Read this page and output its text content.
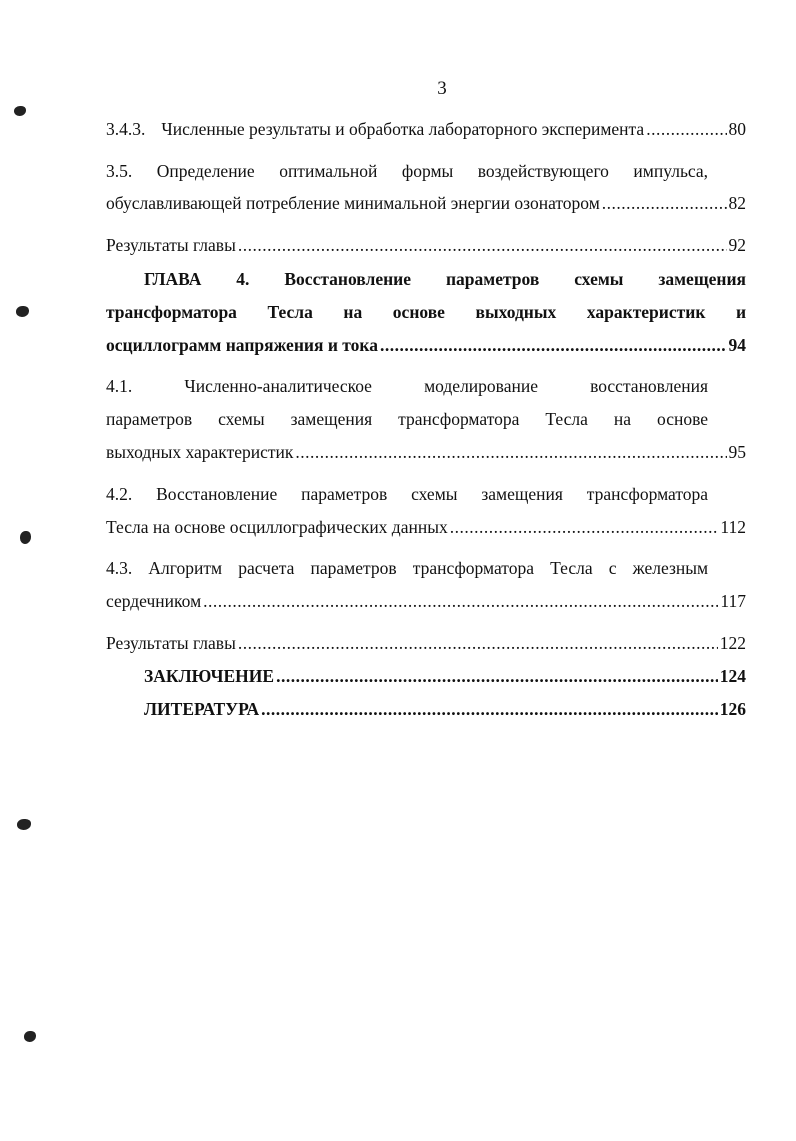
3
3.4.3. Численные результаты и обработка лабораторного эксперимента .....	80
3.5. Определение оптимальной формы воздействующего импульса,
обуславливающей потребление минимальной энергии озонатором .....	82
Результаты главы .....	92
ГЛАВА 4. Восстановление параметров схемы замещения
трансформатора Тесла на основе выходных характеристик и
осциллограмм напряжения и тока .....	94
4.1.	Численно-аналитическое	моделирование	восстановления
параметров схемы замещения трансформатора Тесла на основе
выходных характеристик .....	95
4.2. Восстановление параметров схемы замещения трансформатора
Тесла на основе осциллографических данных .....	112
4.3. Алгоритм расчета параметров трансформатора Тесла с железным
сердечником .....	117
Результаты главы .....	122
ЗАКЛЮЧЕНИЕ .....	124
ЛИТЕРАТУРА .....	126
